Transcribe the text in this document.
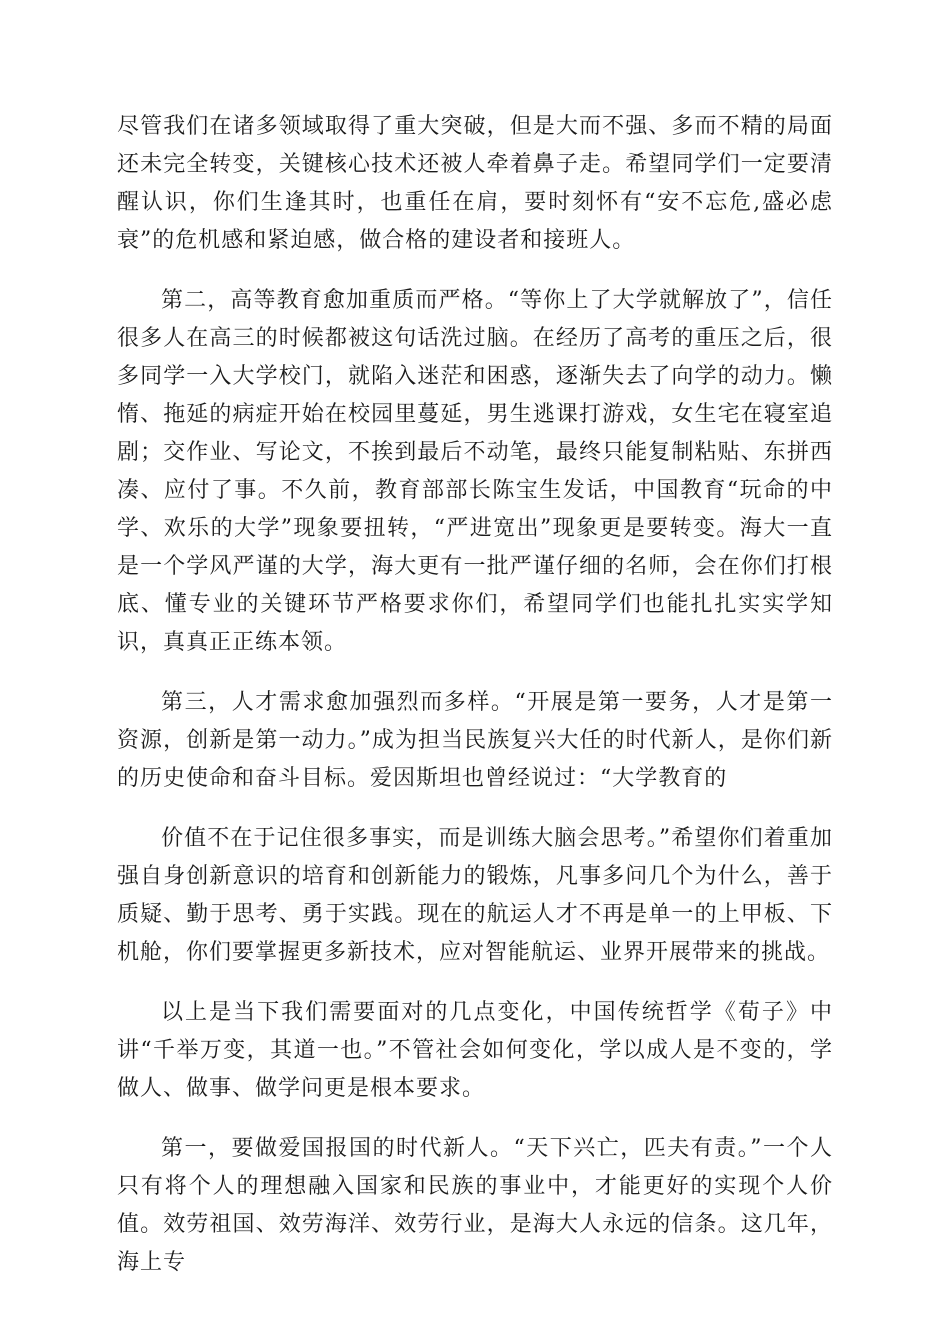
尽管我们在诸多领域取得了重大突破，但是大而不强、多而不精的局面还未完全转变，关键核心技术还被人牵着鼻子走。希望同学们一定要清醒认识，你们生逢其时，也重任在肩，要时刻怀有“安不忘危,盛必虑衰”的危机感和紧迫感，做合格的建设者和接班人。

第二，高等教育愈加重质而严格。“等你上了大学就解放了”，信任很多人在高三的时候都被这句话洗过脑。在经历了高考的重压之后，很多同学一入大学校门，就陷入迷茫和困惑，逐渐失去了向学的动力。懒惰、拖延的病症开始在校园里蔓延，男生逃课打游戏，女生宅在寝室追剧；交作业、写论文，不挨到最后不动笔，最终只能复制粘贴、东拼西凑、应付了事。不久前，教育部部长陈宝生发话，中国教育“玩命的中学、欢乐的大学”现象要扭转，“严进宽出”现象更是要转变。海大一直是一个学风严谨的大学，海大更有一批严谨仔细的名师，会在你们打根底、懂专业的关键环节严格要求你们，希望同学们也能扎扎实实学知识，真真正正练本领。

第三，人才需求愈加强烈而多样。“开展是第一要务，人才是第一资源，创新是第一动力。”成为担当民族复兴大任的时代新人，是你们新的历史使命和奋斗目标。爱因斯坦也曾经说过：“大学教育的

价值不在于记住很多事实，而是训练大脑会思考。”希望你们着重加强自身创新意识的培育和创新能力的锻炼，凡事多问几个为什么，善于质疑、勤于思考、勇于实践。现在的航运人才不再是单一的上甲板、下机舱，你们要掌握更多新技术，应对智能航运、业界开展带来的挑战。

以上是当下我们需要面对的几点变化，中国传统哲学《荀子》中讲“千举万变，其道一也。”不管社会如何变化，学以成人是不变的，学做人、做事、做学问更是根本要求。

第一，要做爱国报国的时代新人。“天下兴亡，匹夫有责。”一个人只有将个人的理想融入国家和民族的事业中，才能更好的实现个人价值。效劳祖国、效劳海洋、效劳行业，是海大人永远的信条。这几年，海上专
